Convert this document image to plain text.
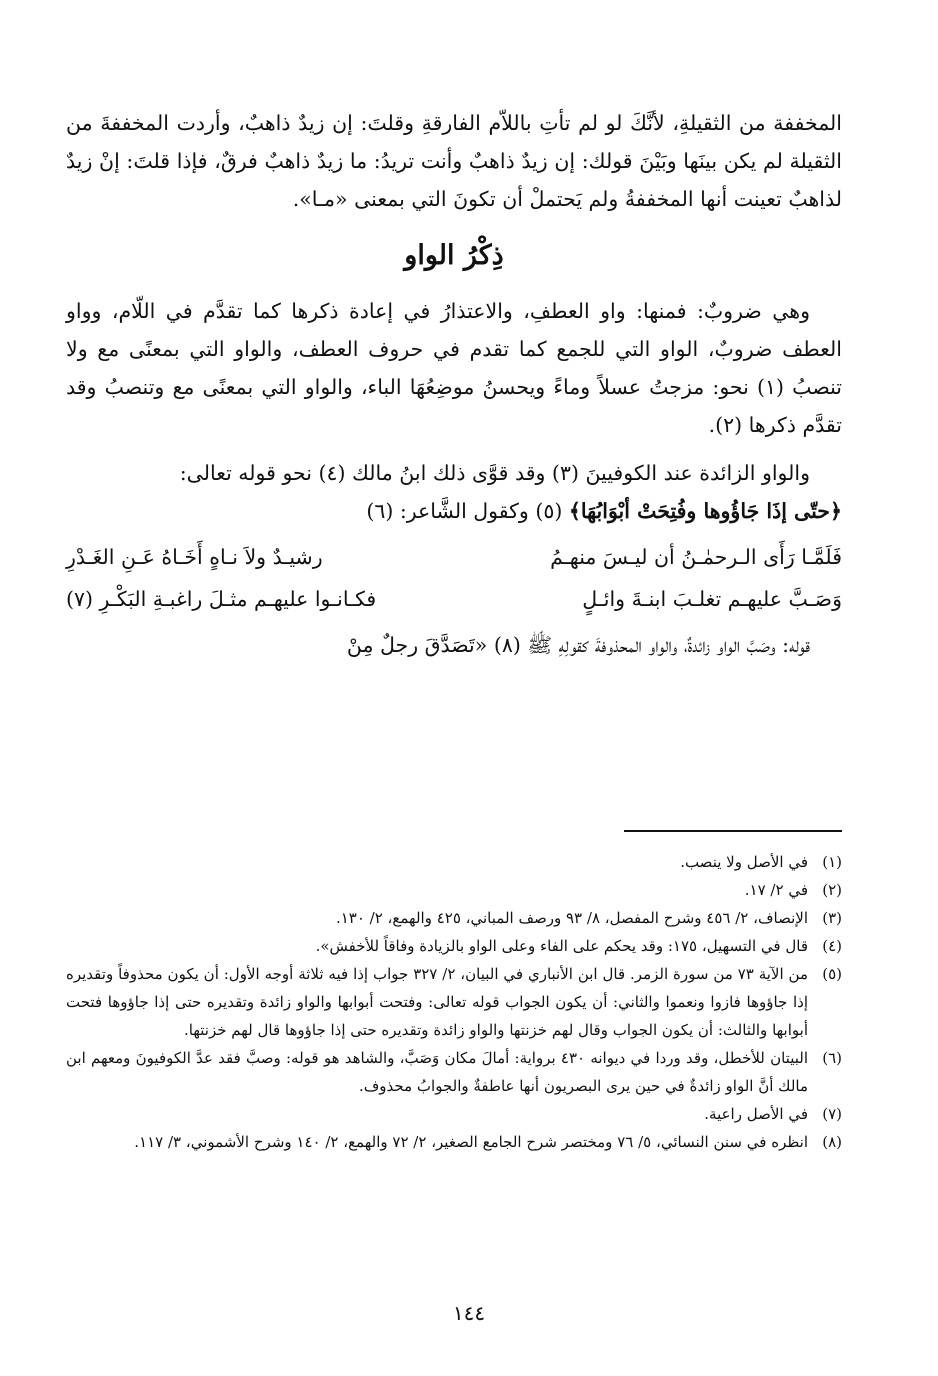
المخففة من الثقيلةِ، لأنَّكَ لو لم تأتِ باللاّم الفارقةِ وقلتَ: إن زيدٌ ذاهبٌ، وأردت المخففةَ من الثقيلة لم يكن بينَها وبَيْنَ قولك: إن زيدٌ ذاهبٌ وأنت تريدُ: ما زيدٌ ذاهبٌ فرقٌ، فإذا قلتَ: إنْ زيدٌ لذاهبٌ تعينت أنها المخففةُ ولم يَحتملْ أن تكونَ التي بمعنى «مـا».

ذِكْرُ الواو

وهي ضروبٌ: فمنها: واو العطفِ، والاعتذارُ في إعادة ذكرها كما تقدَّم في اللّام، وواو العطف ضروبٌ، الواو التي للجمع كما تقدم في حروف العطف، والواو التي بمعنًى مع ولا تنصبُ (١) نحو: مزجتُ عسلاً وماءً ويحسنُ موضِعُهَا الباء، والواو التي بمعنًى مع وتنصبُ وقد تقدَّم ذكرها (٢).

والواو الزائدة عند الكوفيينَ (٣) وقد قوَّى ذلك ابنُ مالك (٤) نحو قوله تعالى:

﴿حتّى إذَا جَاؤُوها وفُتِحَتْ أبْوَابُهَا﴾ (٥) وكقول الشَّاعر: (٦)

فَلَمَّـا رَأَى الـرحمٰـنُ أن ليـسَ منهـمُ
رشيـدٌ ولاَ نـاهٍ أَخَـاهُ عَـنِ الغَـدْرِ
وَصَـبَّ عليهـم تغلـبَ ابنـةَ وائـلٍ
فكـانـوا عليهـم مثـلَ راغبـةِ البَكْـرِ (٧)

قوله: وصَبَّ الواو زائدةٌ، والواو المحذوفةَ كقولِهِ ﷺ (٨) «تَصَدَّقَ رجلٌ مِنْ

(١)
في الأصل ولا ينصب.
(٢)
في ٢/ ١٧.
(٣)
الإنصاف، ٢/ ٤٥٦ وشرح المفصل، ٨/ ٩٣ ورصف المباني، ٤٢٥ والهمع، ٢/ ١٣٠.
(٤)
قال في التسهيل، ١٧٥: وقد يحكم على الفاء وعلى الواو بالزيادة وفاقاً للأخفش».
(٥)
من الآية ٧٣ من سورة الزمر. قال ابن الأنباري في البيان، ٢/ ٣٢٧ جواب إذا فيه ثلاثة أوجه الأول: أن يكون محذوفاً وتقديره إذا جاؤوها فازوا ونعموا والثاني: أن يكون الجواب قوله تعالى: وفتحت أبوابها والواو زائدة وتقديره حتى إذا جاؤوها فتحت أبوابها والثالث: أن يكون الجواب وقال لهم خزنتها والواو زائدة وتقديره حتى إذا جاؤوها قال لهم خزنتها.
(٦)
البيتان للأخطل، وقد وردا في ديوانه ٤٣٠ برواية: أمالَ مكان وَصَبَّ، والشاهد هو قوله: وصبَّ فقد عدَّ الكوفيونَ ومعهم ابن مالك أنَّ الواو زائدةٌ في حين يرى البصريون أنها عاطفةٌ والجوابُ محذوف.
(٧)
في الأصل راعية.
(٨)
انظره في سنن النسائي، ٥/ ٧٦ ومختصر شرح الجامع الصغير، ٢/ ٧٢ والهمع، ٢/ ١٤٠ وشرح الأشموني، ٣/ ١١٧.
١٤٤
